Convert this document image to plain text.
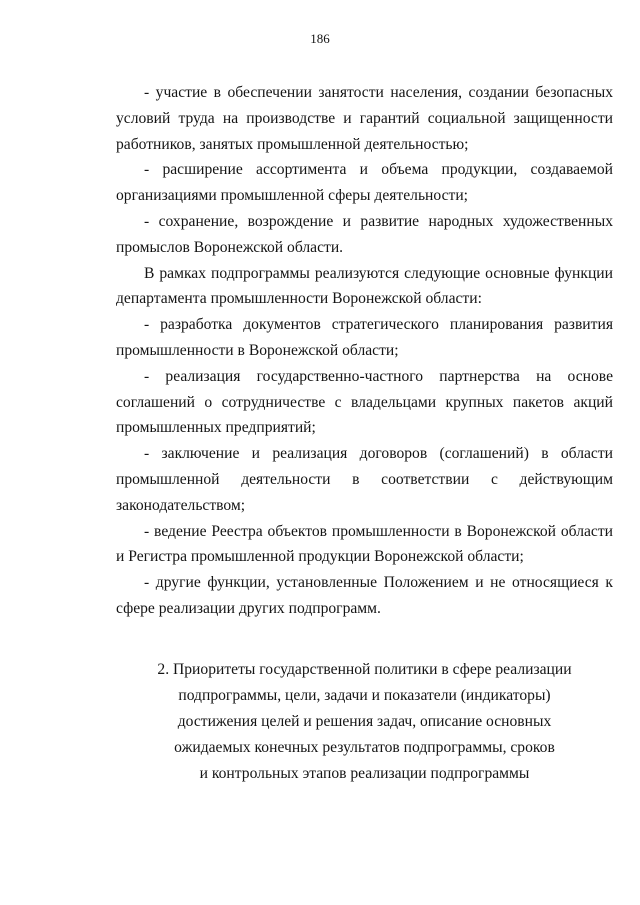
186

- участие в обеспечении занятости населения, создании безопасных условий труда на производстве и гарантий социальной защищенности работников, занятых промышленной деятельностью;

- расширение ассортимента и объема продукции, создаваемой организациями промышленной сферы деятельности;

- сохранение, возрождение и развитие народных художественных промыслов Воронежской области.

В рамках подпрограммы реализуются следующие основные функции департамента промышленности Воронежской области:

- разработка документов стратегического планирования развития промышленности в Воронежской области;

- реализация государственно-частного партнерства на основе соглашений о сотрудничестве с владельцами крупных пакетов акций промышленных предприятий;

- заключение и реализация договоров (соглашений) в области промышленной деятельности в соответствии с действующим законодательством;

- ведение Реестра объектов промышленности в Воронежской области и Регистра промышленной продукции Воронежской области;

- другие функции, установленные Положением и не относящиеся к сфере реализации других подпрограмм.

2. Приоритеты государственной политики в сфере реализации
подпрограммы, цели, задачи и показатели (индикаторы)
достижения целей и решения задач, описание основных
ожидаемых конечных результатов подпрограммы, сроков
и контрольных этапов реализации подпрограммы
